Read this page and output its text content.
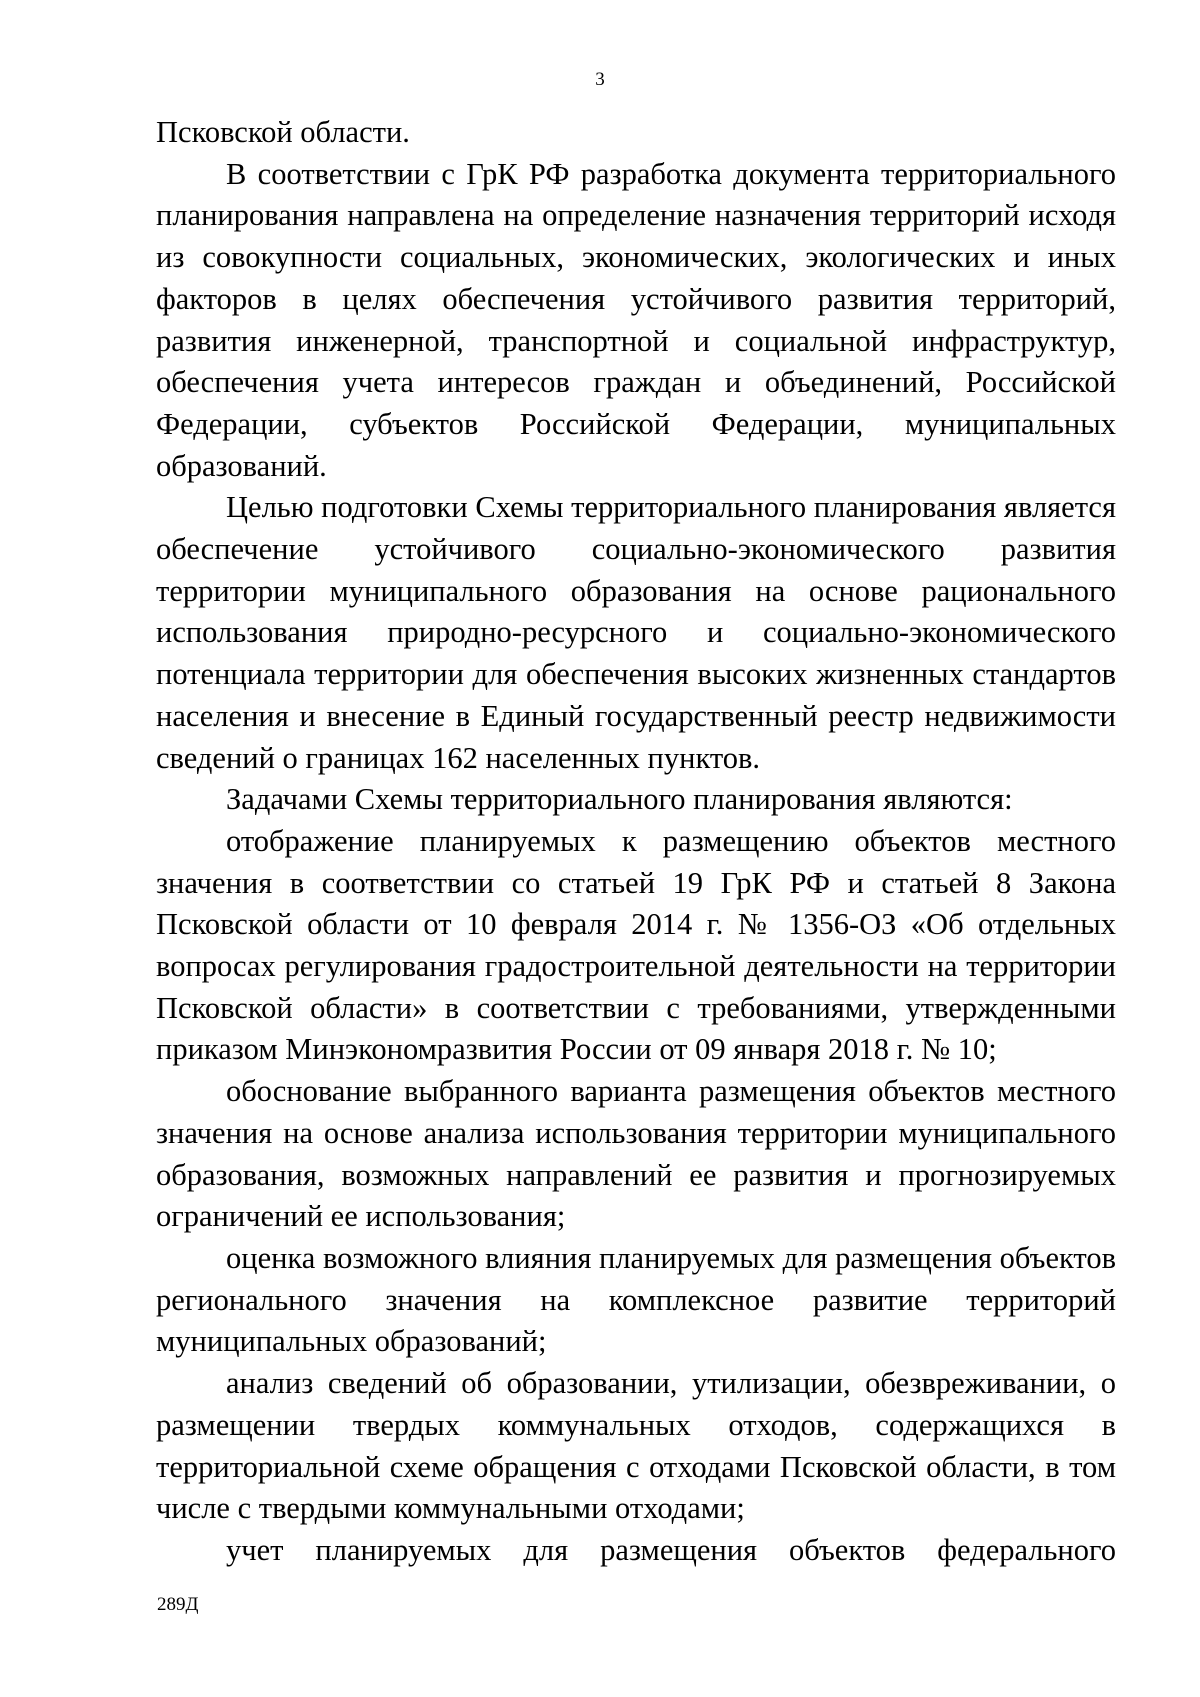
3

Псковской области.

В соответствии с ГрК РФ разработка документа территориального планирования направлена на определение назначения территорий исходя из совокупности социальных, экономических, экологических и иных факторов в целях обеспечения устойчивого развития территорий, развития инженерной, транспортной и социальной инфраструктур, обеспечения учета интересов граждан и объединений, Российской Федерации, субъектов Российской Федерации, муниципальных образований.

Целью подготовки Схемы территориального планирования является обеспечение устойчивого социально-экономического развития территории муниципального образования на основе рационального использования природно-ресурсного и социально-экономического потенциала территории для обеспечения высоких жизненных стандартов населения и внесение в Единый государственный реестр недвижимости сведений о границах 162 населенных пунктов.

Задачами Схемы территориального планирования являются:

отображение планируемых к размещению объектов местного значения в соответствии со статьей 19 ГрК РФ и статьей 8 Закона Псковской области от 10 февраля 2014 г. № 1356-ОЗ «Об отдельных вопросах регулирования градостроительной деятельности на территории Псковской области» в соответствии с требованиями, утвержденными приказом Минэкономразвития России от 09 января 2018 г. № 10;

обоснование выбранного варианта размещения объектов местного значения на основе анализа использования территории муниципального образования, возможных направлений ее развития и прогнозируемых ограничений ее использования;

оценка возможного влияния планируемых для размещения объектов регионального значения на комплексное развитие территорий муниципальных образований;

анализ сведений об образовании, утилизации, обезвреживании, о размещении твердых коммунальных отходов, содержащихся в территориальной схеме обращения с отходами Псковской области, в том числе с твердыми коммунальными отходами;

учет планируемых для размещения объектов федерального

289Д
